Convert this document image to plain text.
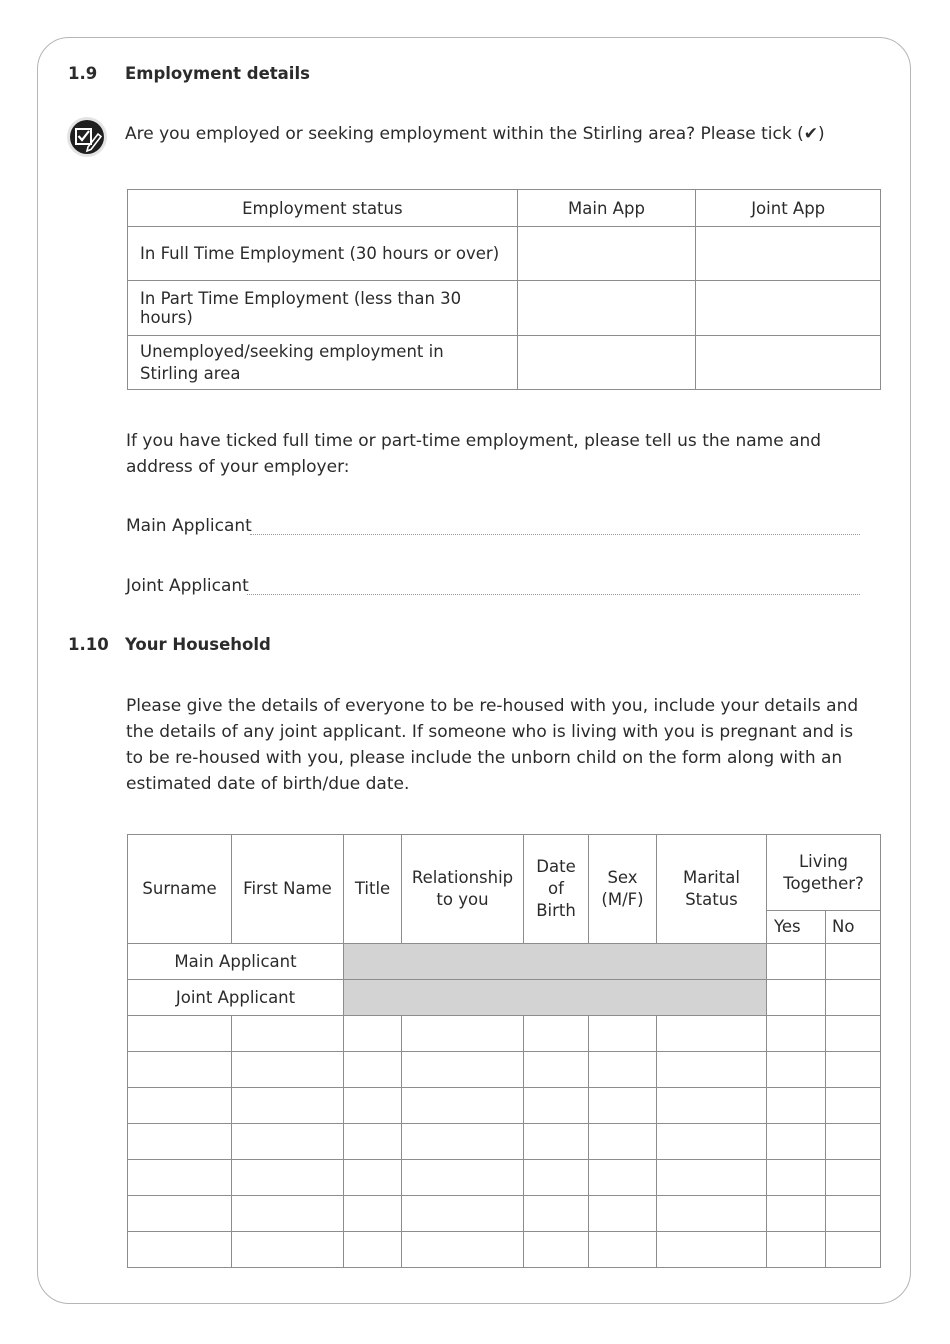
1.9 Employment details
Are you employed or seeking employment within the Stirling area? Please tick (✔)
Employment status	Main App	Joint App
In Full Time Employment (30 hours or over)		
In Part Time Employment (less than 30 hours)		
Unemployed/seeking employment in Stirling area		
If you have ticked full time or part-time employment, please tell us the name and address of your employer:
Main Applicant
Joint Applicant
1.10 Your Household
Please give the details of everyone to be re-housed with you, include your details and the details of any joint applicant. If someone who is living with you is pregnant and is to be re-housed with you, please include the unborn child on the form along with an estimated date of birth/due date.
Surname	First Name	Title	Relationship to you	Date of Birth	Sex (M/F)	Marital Status	Living Together?	
							Yes	No
Main Applicant								
Joint Applicant								
